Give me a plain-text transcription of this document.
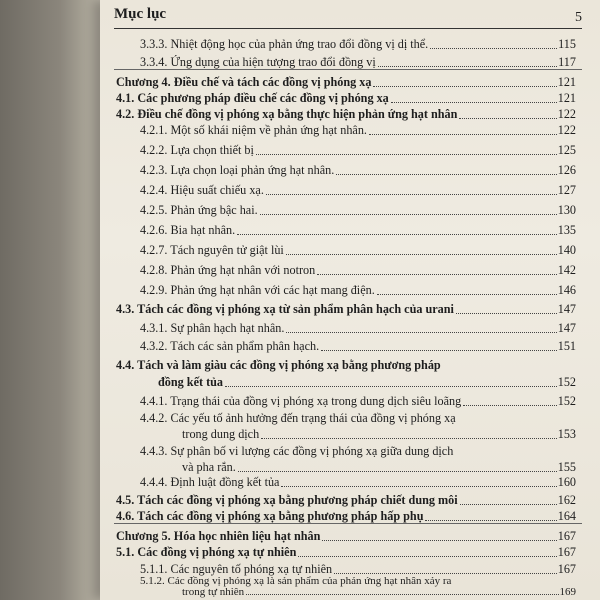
Mục lục	5
3.3.3. Nhiệt động học của phản ứng trao đổi đồng vị dị thể.	115
3.3.4. Ứng dụng của hiện tượng trao đổi đồng vị	117
Chương 4. Điều chế và tách các đồng vị phóng xạ	121
4.1. Các phương pháp điều chế các đồng vị phóng xạ	121
4.2. Điều chế đồng vị phóng xạ bằng thực hiện phản ứng hạt nhân	122
4.2.1. Một số khái niệm về phản ứng hạt nhân.	122
4.2.2. Lựa chọn thiết bị	125
4.2.3. Lựa chọn loại phản ứng hạt nhân.	126
4.2.4. Hiệu suất chiếu xạ.	127
4.2.5. Phản ứng bậc hai.	130
4.2.6. Bia hạt nhân.	135
4.2.7. Tách nguyên tử giật lùi	140
4.2.8. Phản ứng hạt nhân với notron	142
4.2.9. Phản ứng hạt nhân với các hạt mang điện.	146
4.3. Tách các đồng vị phóng xạ từ sản phẩm phân hạch của urani	147
4.3.1. Sự phân hạch hạt nhân.	147
4.3.2. Tách các sản phẩm phân hạch.	151
4.4. Tách và làm giàu các đồng vị phóng xạ bằng phương pháp
đồng kết tủa	152
4.4.1. Trạng thái của đồng vị phóng xạ trong dung dịch siêu loãng	152
4.4.2. Các yếu tố ảnh hưởng đến trạng thái của đồng vị phóng xạ
trong dung dịch	153
4.4.3. Sự phân bố vi lượng các đồng vị phóng xạ giữa dung dịch
và pha rắn.	155
4.4.4. Định luật đồng kết tủa	160
4.5. Tách các đồng vị phóng xạ bằng phương pháp chiết dung môi	162
4.6. Tách các đồng vị phóng xạ bằng phương pháp hấp phụ	164
Chương 5. Hóa học nhiên liệu hạt nhân	167
5.1. Các đồng vị phóng xạ tự nhiên	167
5.1.1. Các nguyên tố phóng xạ tự nhiên	167
5.1.2. Các đồng vị phóng xạ là sản phẩm của phản ứng hạt nhân xảy ra
trong tự nhiên	169
